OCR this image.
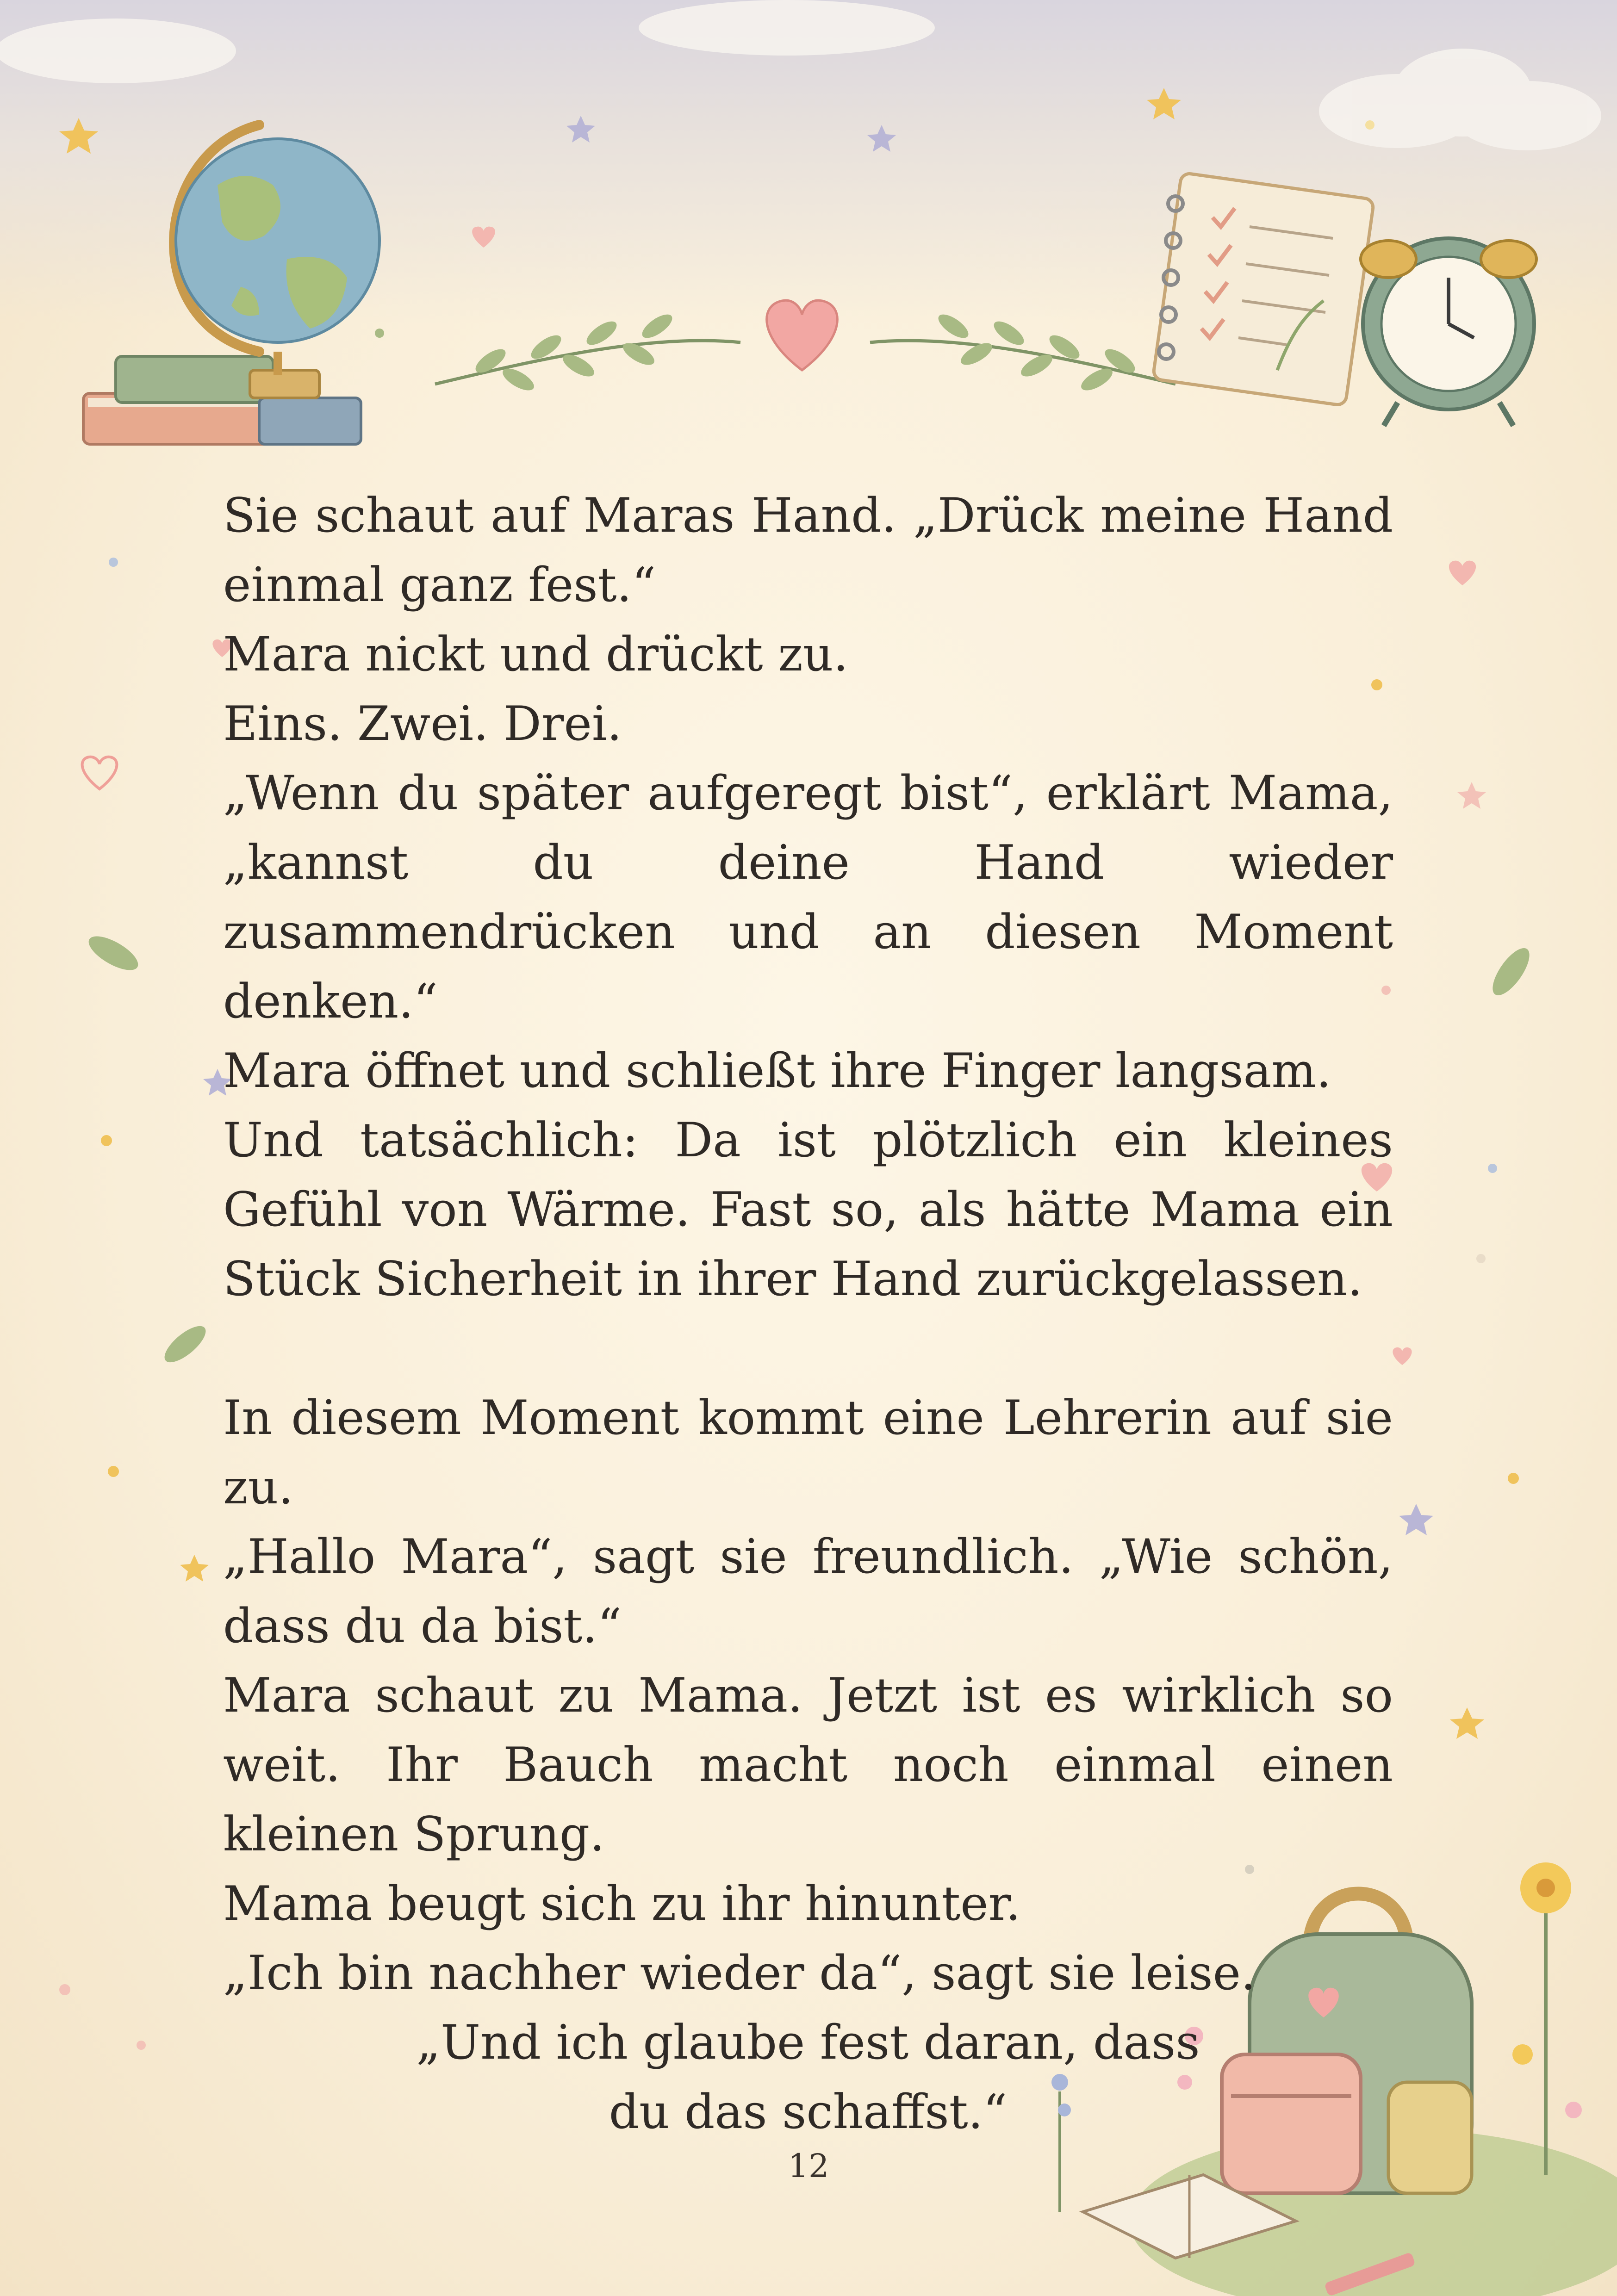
Sie schaut auf Maras Hand. „Drück meine Hand einmal ganz fest.“

Mara nickt und drückt zu.

Eins. Zwei. Drei.

„Wenn du später aufgeregt bist“, erklärt Mama, „kannst du deine Hand wieder zusammendrücken und an diesen Moment denken.“

Mara öffnet und schließt ihre Finger langsam.

Und tatsächlich: Da ist plötzlich ein kleines Gefühl von Wärme. Fast so, als hätte Mama ein Stück Sicherheit in ihrer Hand zurückgelassen.

In diesem Moment kommt eine Lehrerin auf sie zu.

„Hallo Mara“, sagt sie freundlich. „Wie schön, dass du da bist.“

Mara schaut zu Mama. Jetzt ist es wirklich so weit. Ihr Bauch macht noch einmal einen kleinen Sprung.

Mama beugt sich zu ihr hinunter.

„Ich bin nachher wieder da“, sagt sie leise.

„Und ich glaube fest daran, dass

du das schaffst.“

12
